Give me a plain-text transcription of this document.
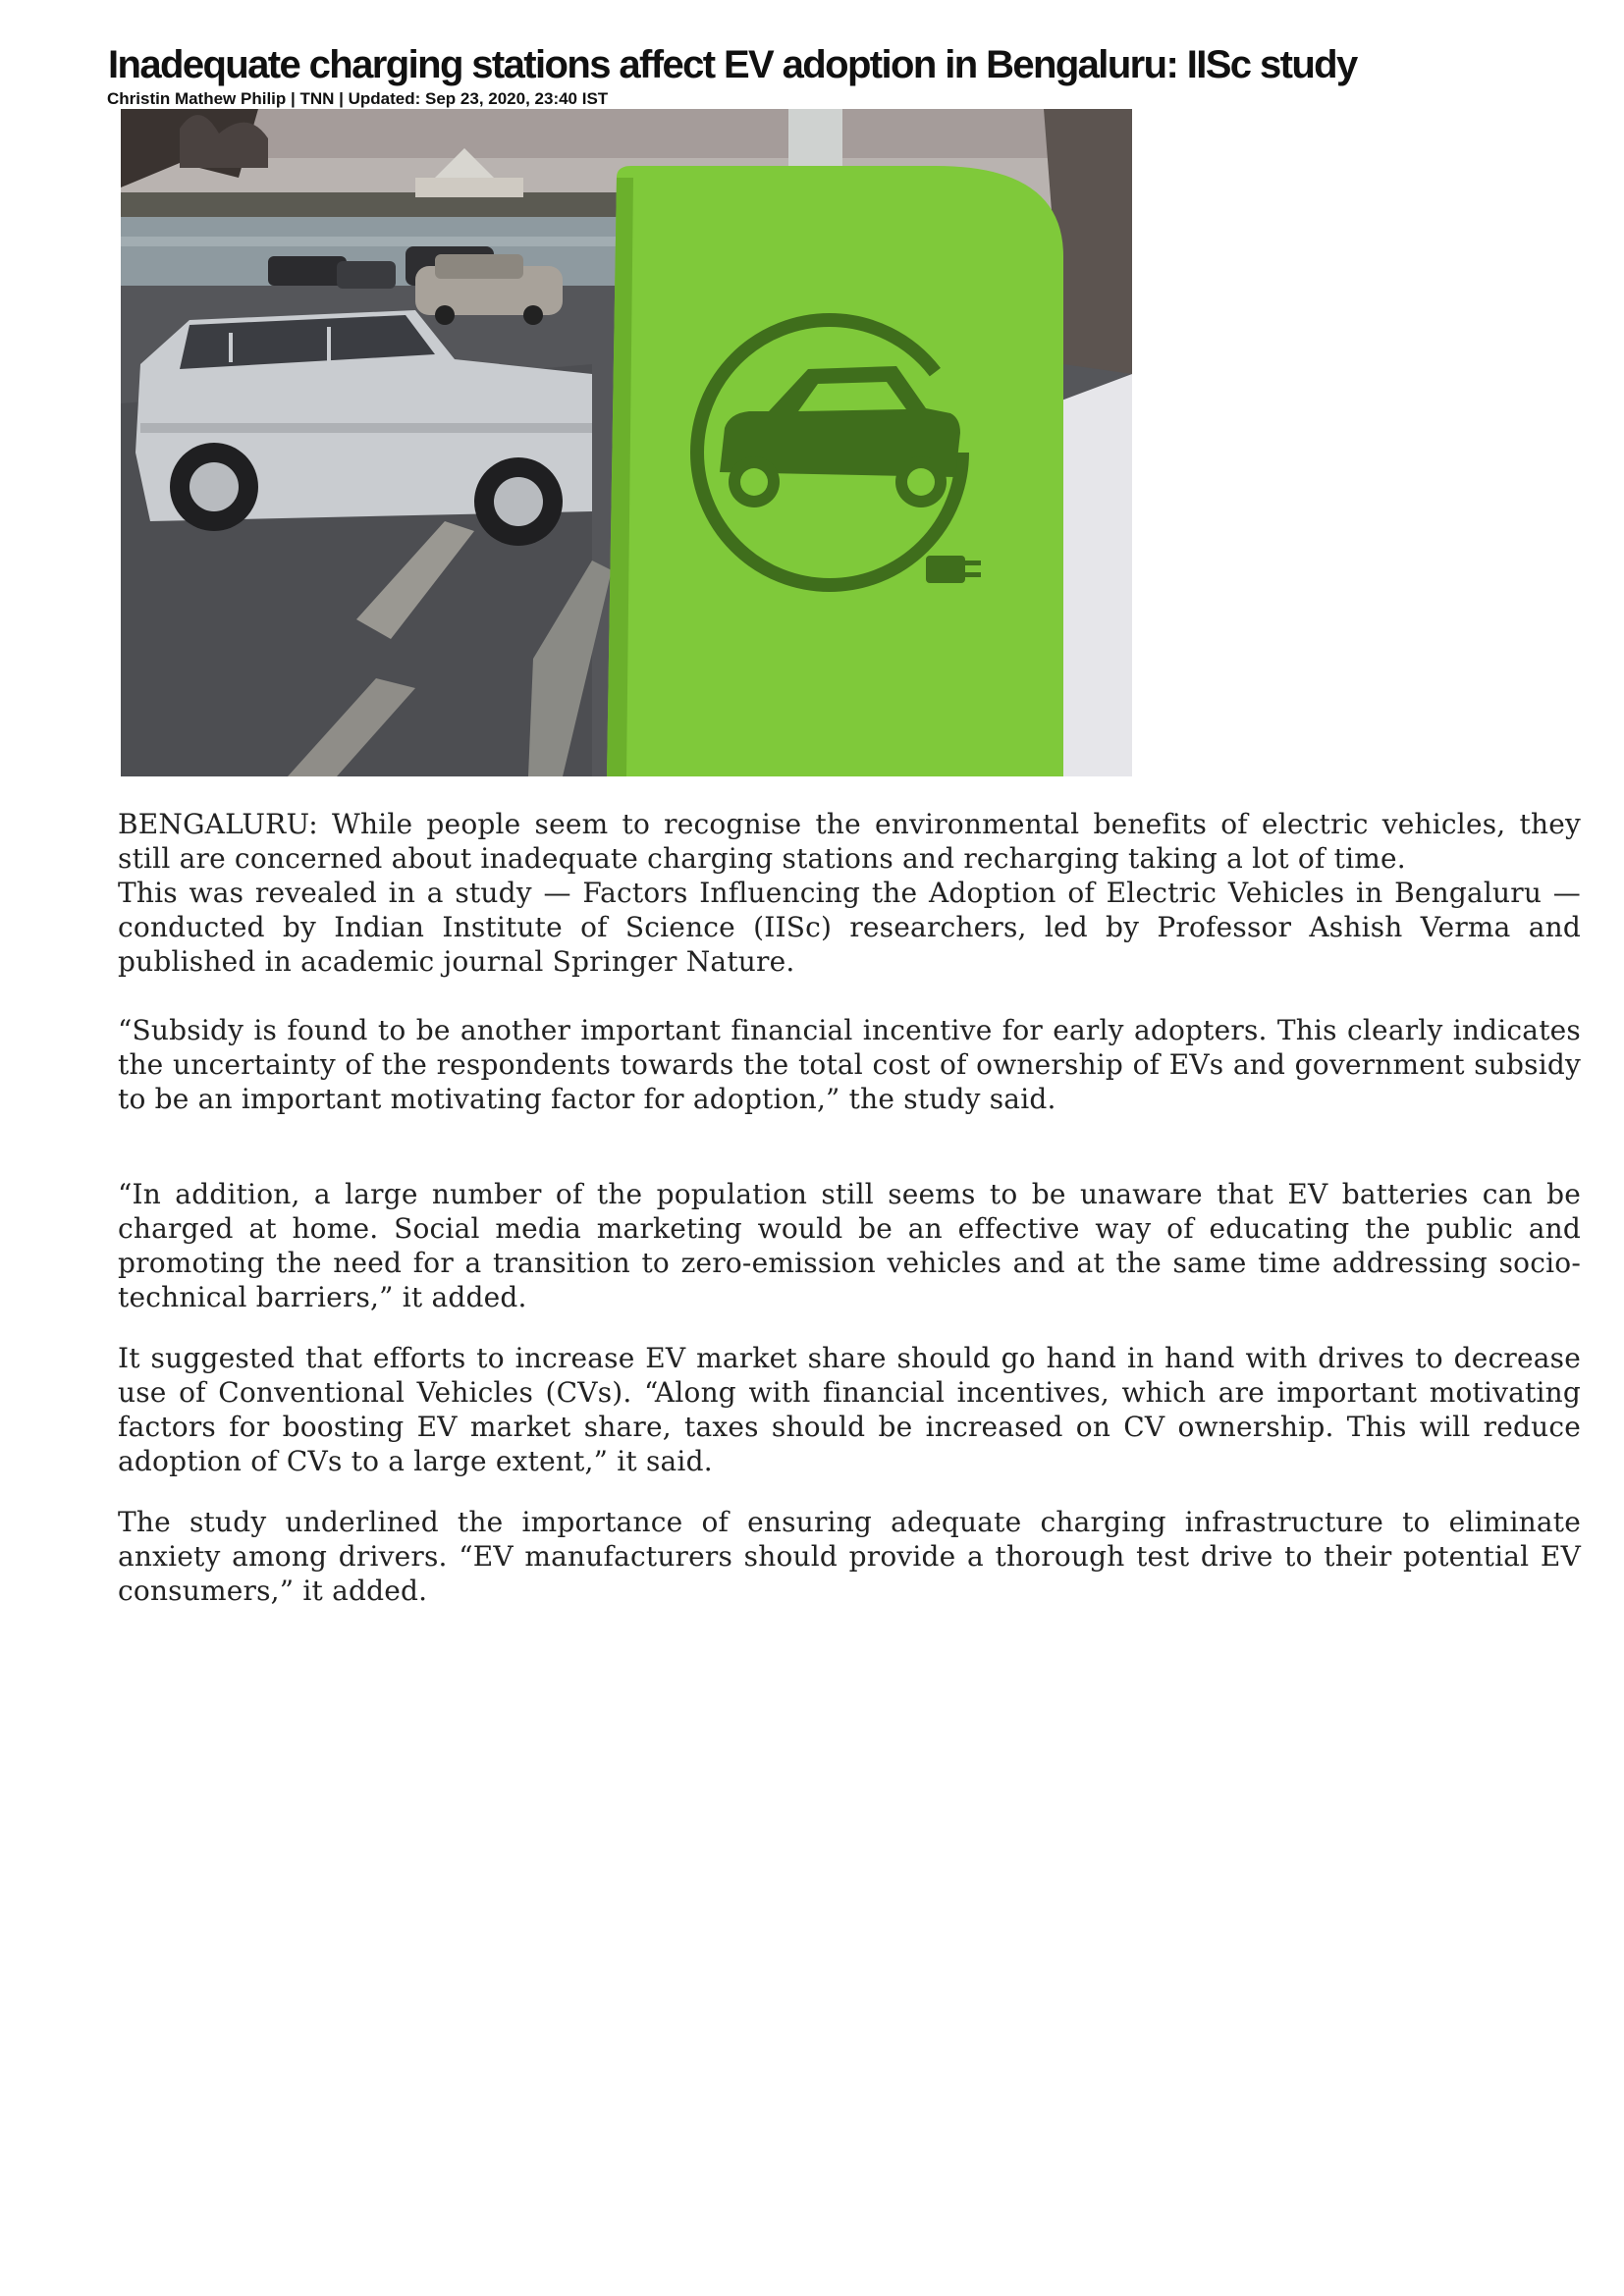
Inadequate charging stations affect EV adoption in Bengaluru: IISc study
Christin Mathew Philip | TNN | Updated: Sep 23, 2020, 23:40 IST

BENGALURU: While people seem to recognise the environmental benefits of electric vehicles, they still are concerned about inadequate charging stations and recharging taking a lot of time.

This was revealed in a study — Factors Influencing the Adoption of Electric Vehicles in Bengaluru — conducted by Indian Institute of Science (IISc) researchers, led by Professor Ashish Verma and published in academic journal Springer Nature.

“Subsidy is found to be another important financial incentive for early adopters. This clearly indicates the uncertainty of the respondents towards the total cost of ownership of EVs and government subsidy to be an important motivating factor for adoption,” the study said.

“In addition, a large number of the population still seems to be unaware that EV batteries can be charged at home. Social media marketing would be an effective way of educating the public and promoting the need for a transition to zero-emission vehicles and at the same time addressing socio-technical barriers,” it added.

It suggested that efforts to increase EV market share should go hand in hand with drives to decrease use of Conventional Vehicles (CVs). “Along with financial incentives, which are important motivating factors for boosting EV market share, taxes should be increased on CV ownership. This will reduce adoption of CVs to a large extent,” it said.

The study underlined the importance of ensuring adequate charging infrastructure to eliminate anxiety among drivers. “EV manufacturers should provide a thorough test drive to their potential EV consumers,” it added.
